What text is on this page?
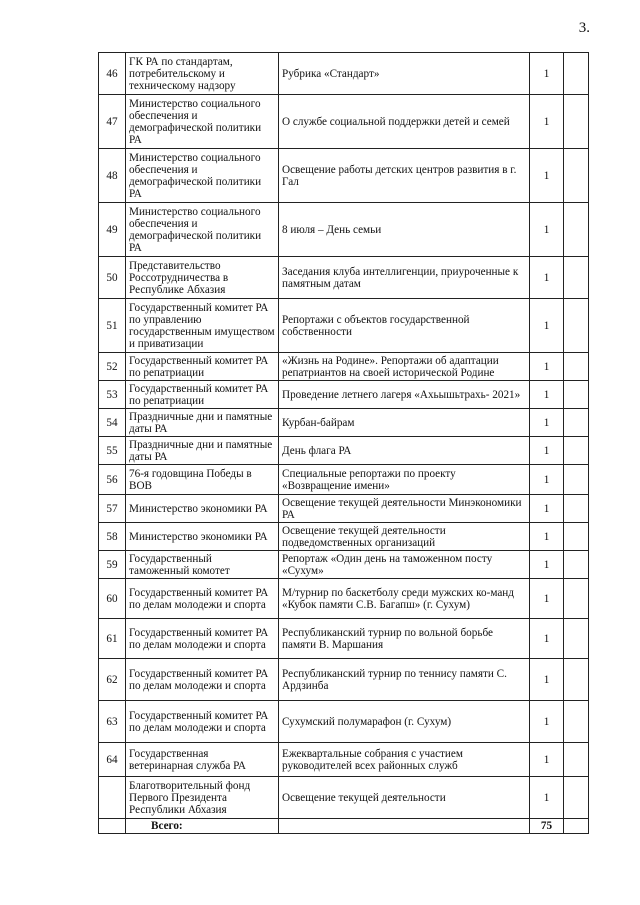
3.
46	ГК РА по стандартам, потребительскому и техническому надзору	Рубрика «Стандарт»	1	
47	Министерство социального обеспечения и демографической политики РА	О службе социальной поддержки детей и семей	1	
48	Министерство социального обеспечения и демографической политики РА	Освещение работы детских центров развития в г. Гал	1	
49	Министерство социального обеспечения и демографической политики РА	8 июля – День семьи	1	
50	Представительство Россотрудничества в Республике Абхазия	Заседания клуба интеллигенции, приуроченные к памятным датам	1	
51	Государственный комитет РА по управлению государственным имуществом и приватизации	Репортажи с объектов государственной собственности	1	
52	Государственный комитет РА по репатриации	«Жизнь на Родине». Репортажи об адаптации репатриантов на своей исторической Родине	1	
53	Государственный комитет РА по репатриации	Проведение летнего лагеря «Ахьышьтрахь- 2021»	1	
54	Праздничные дни и памятные даты РА	Курбан-байрам	1	
55	Праздничные дни и памятные даты РА	День флага РА	1	
56	76-я годовщина Победы в ВОВ	Специальные репортажи по проекту «Возвращение имени»	1	
57	Министерство экономики РА	Освещение текущей деятельности Минэкономики РА	1	
58	Министерство экономики РА	Освещение текущей деятельности подведомственных организаций	1	
59	Государственный таможенный комотет	Репортаж «Один день на таможенном посту «Сухум»	1	
60	Государственный комитет РА по делам молодежи и спорта	М/турнир по баскетболу среди мужских ко-манд «Кубок памяти С.В. Багапш» (г. Сухум)	1	
61	Государственный комитет РА по делам молодежи и спорта	Республиканский турнир по вольной борьбе памяти В. Маршания	1	
62	Государственный комитет РА по делам молодежи и спорта	Республиканский турнир по теннису памяти С. Ардзинба	1	
63	Государственный комитет РА по делам молодежи и спорта	Сухумский полумарафон (г. Сухум)	1	
64	Государственная ветеринарная служба РА	Ежеквартальные собрания с участием руководителей всех районных служб	1	
	Благотворительный фонд Первого Президента Республики Абхазия	Освещение текущей деятельности	1	
	Всего:		75	
